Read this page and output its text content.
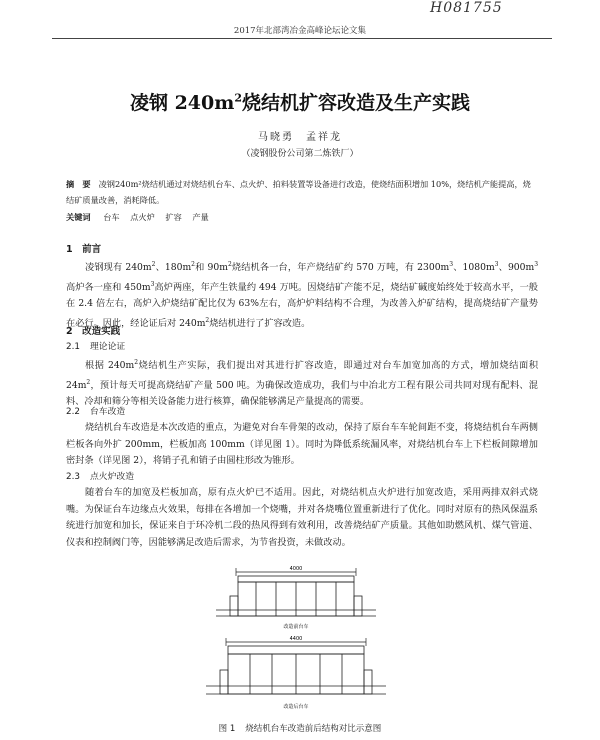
H081755
2017年北部湾冶金高峰论坛论文集
凌钢 $240m^2$烧结机扩容改造及生产实践
马晓勇　孟祥龙
（凌钢股份公司第二炼铁厂）
摘　要 凌钢240m²烧结机通过对烧结机台车、点火炉、拍料装置等设备进行改造，使烧结面积增加 10%，烧结机产能提高，烧结矿质量改善，消耗降低。
关键词 台车 点火炉 扩容 产量
1　 前言
凌钢现有 $240m^2$、$180m^2$和 $90m^2$烧结机各一台，年产烧结矿约 570 万吨，有 $2300m^3$、$1080m^3$、$900m^3$高炉各一座和 $450m^3$高炉两座，年产生铁量约 494 万吨。因烧结矿产能不足，烧结矿碱度始终处于较高水平，一般在 2.4 倍左右，高炉入炉烧结矿配比仅为 63%左右，高炉炉料结构不合理，为改善入炉矿结构，提高烧结矿产量势在必行。因此，经论证后对 $240m^2$烧结机进行了扩容改造。
2　 改造实践
2.1 理论论证
根据 $240m^2$烧结机生产实际，我们提出对其进行扩容改造，即通过对台车加宽加高的方式，增加烧结面积 $24m^2$，预计每天可提高烧结矿产量 500 吨。为确保改造成功，我们与中冶北方工程有限公司共同对现有配料、混料、冷却和筛分等相关设备能力进行核算，确保能够满足产量提高的需要。
2.2 台车改造
烧结机台车改造是本次改造的重点，为避免对台车骨架的改动，保持了原台车车轮间距不变，将烧结机台车两侧栏板各向外扩 200mm，栏板加高 100mm（详见图 1）。同时为降低系统漏风率，对烧结机台车上下栏板间隙增加密封条（详见图 2），将销子孔和销子由圆柱形改为锥形。
2.3 点火炉改造
随着台车的加宽及栏板加高，原有点火炉已不适用。因此，对烧结机点火炉进行加宽改造，采用两排双斜式烧嘴。为保证台车边缘点火效果，每排在各增加一个烧嘴，并对各烧嘴位置重新进行了优化。同时对原有的热风保温系统进行加宽和加长，保证来自于环冷机二段的热风得到有效利用，改善烧结矿产质量。其他如助燃风机、煤气管道、仪表和控制阀门等，因能够满足改造后需求，为节省投资，未做改动。
4000
改造前台车
4400
改造后台车
图 1 烧结机台车改造前后结构对比示意图
